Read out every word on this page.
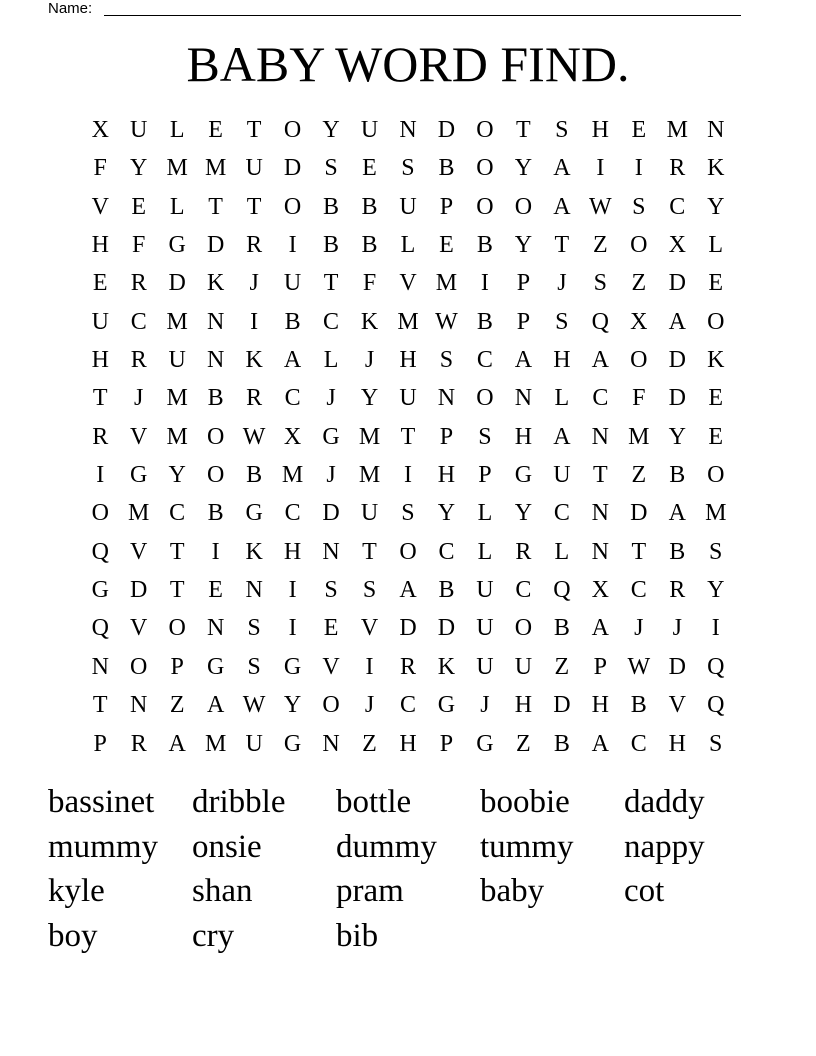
Name:
BABY WORD FIND.
X U L E T O Y U N D O T	S H E M N
F Y M M U D S	E	S B O Y A	I	I	R K
V E L T T O B B U P O O A W S C Y
H F G D R	I	B B L E B Y T Z O X L
E R D K	J	U T	F V M I	P	J	S	Z D E
U C M N	I	B C K M W B P	S Q X A O
H R U N K A L	J	H S C A H A O D K
T	J M B R C	J	Y U N O N L C F D E
R V M O W X G M T	P	S H A N M Y E
I	G Y O B M J M I	H P G U T Z B O
O M C B G C D U S Y L Y C N D A M
Q V T	I	K H N T O C L R L N T B S
G D T E N	I	S	S A B U C Q X C R Y
Q V O N S	I	E V D D U O B A	J	J	I
N O P G S G V	I	R K U U Z	P W D Q
T N Z A W Y O	J	C G	J	H D H B V Q
P R A M U G N Z H P G Z B A C H S
bassinet	dribble	bottle	boobie	daddy
mummy	onsie	dummy	tummy	nappy
kyle	shan	pram	baby	cot
boy	cry	bib
